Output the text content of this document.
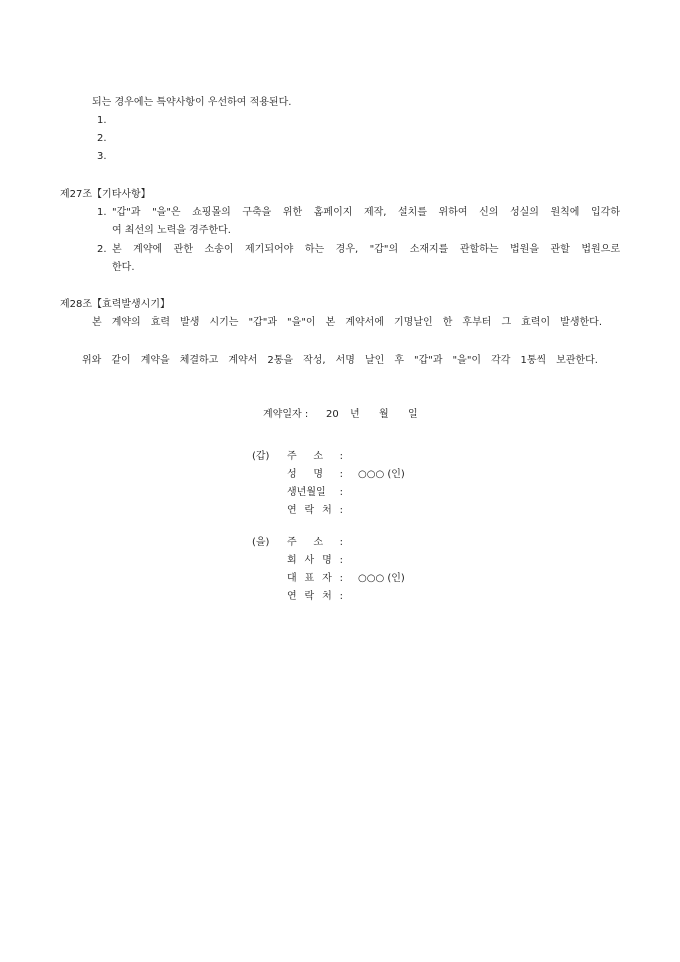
되는 경우에는 특약사항이 우선하여 적용된다.
1.
2.
3.
제27조【기타사항】
1. "갑"과 "을"은 쇼핑몰의 구축을 위한 홈페이지 제작, 설치를 위하여 신의 성실의 원칙에 입각하
여 최선의 노력을 경주한다.
2. 본 계약에 관한 소송이 제기되어야 하는 경우, "갑"의 소재지를 관할하는 법원을 관할 법원으로
한다.
제28조【효력발생시기】
본 계약의 효력 발생 시기는 "갑"과 "을"이 본 계약서에 기명날인 한 후부터 그 효력이 발생한다.
위와 같이 계약을 체결하고 계약서 2통을 작성, 서명 날인 후 "갑"과 "을"이 각각 1통씩 보관한다.
계약일자 : 20 년 월 일
(갑) 주 소 :
성 명 : ○○○ (인)
생년월일 :
연 락 처 :
(을) 주 소 :
회 사 명 :
대 표 자 : ○○○ (인)
연 락 처 :
